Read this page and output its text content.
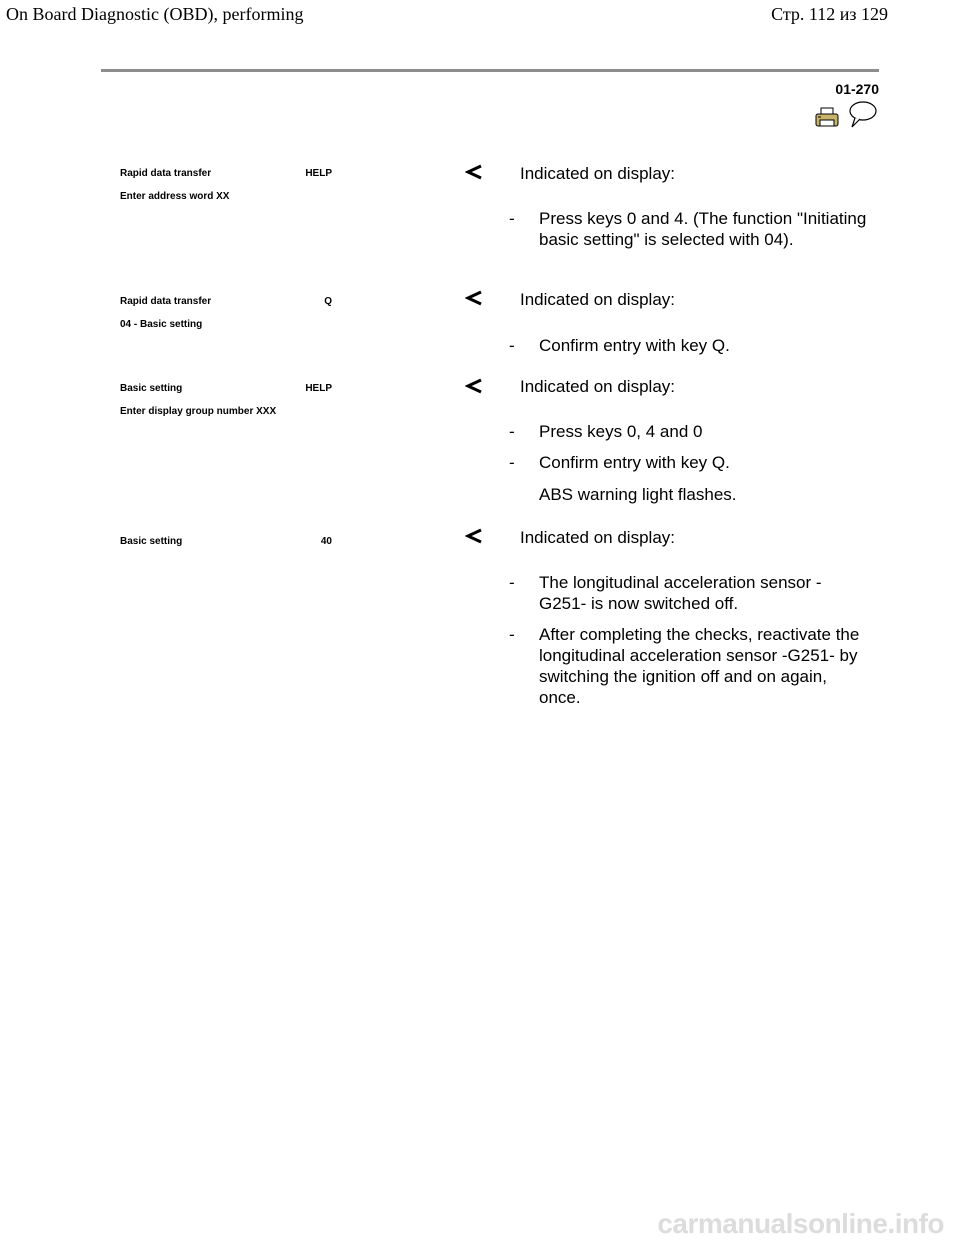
On Board Diagnostic (OBD), performing	Стр. 112 из 129
01-270
Rapid data transfer	HELP
Enter address word XX
Indicated on display:
-	Press keys 0 and 4. (The function "Initiating basic setting" is selected with 04).
Rapid data transfer	Q
04 - Basic setting
Indicated on display:
-	Confirm entry with key Q.
Basic setting	HELP
Enter display group number XXX
Indicated on display:
-	Press keys 0, 4 and 0
-	Confirm entry with key Q.
ABS warning light flashes.
Basic setting	40	Indicated on display:
-	The longitudinal acceleration sensor -G251- is now switched off.
-	After completing the checks, reactivate the longitudinal acceleration sensor -G251- by switching the ignition off and on again, once.
carmanualsonline.info
